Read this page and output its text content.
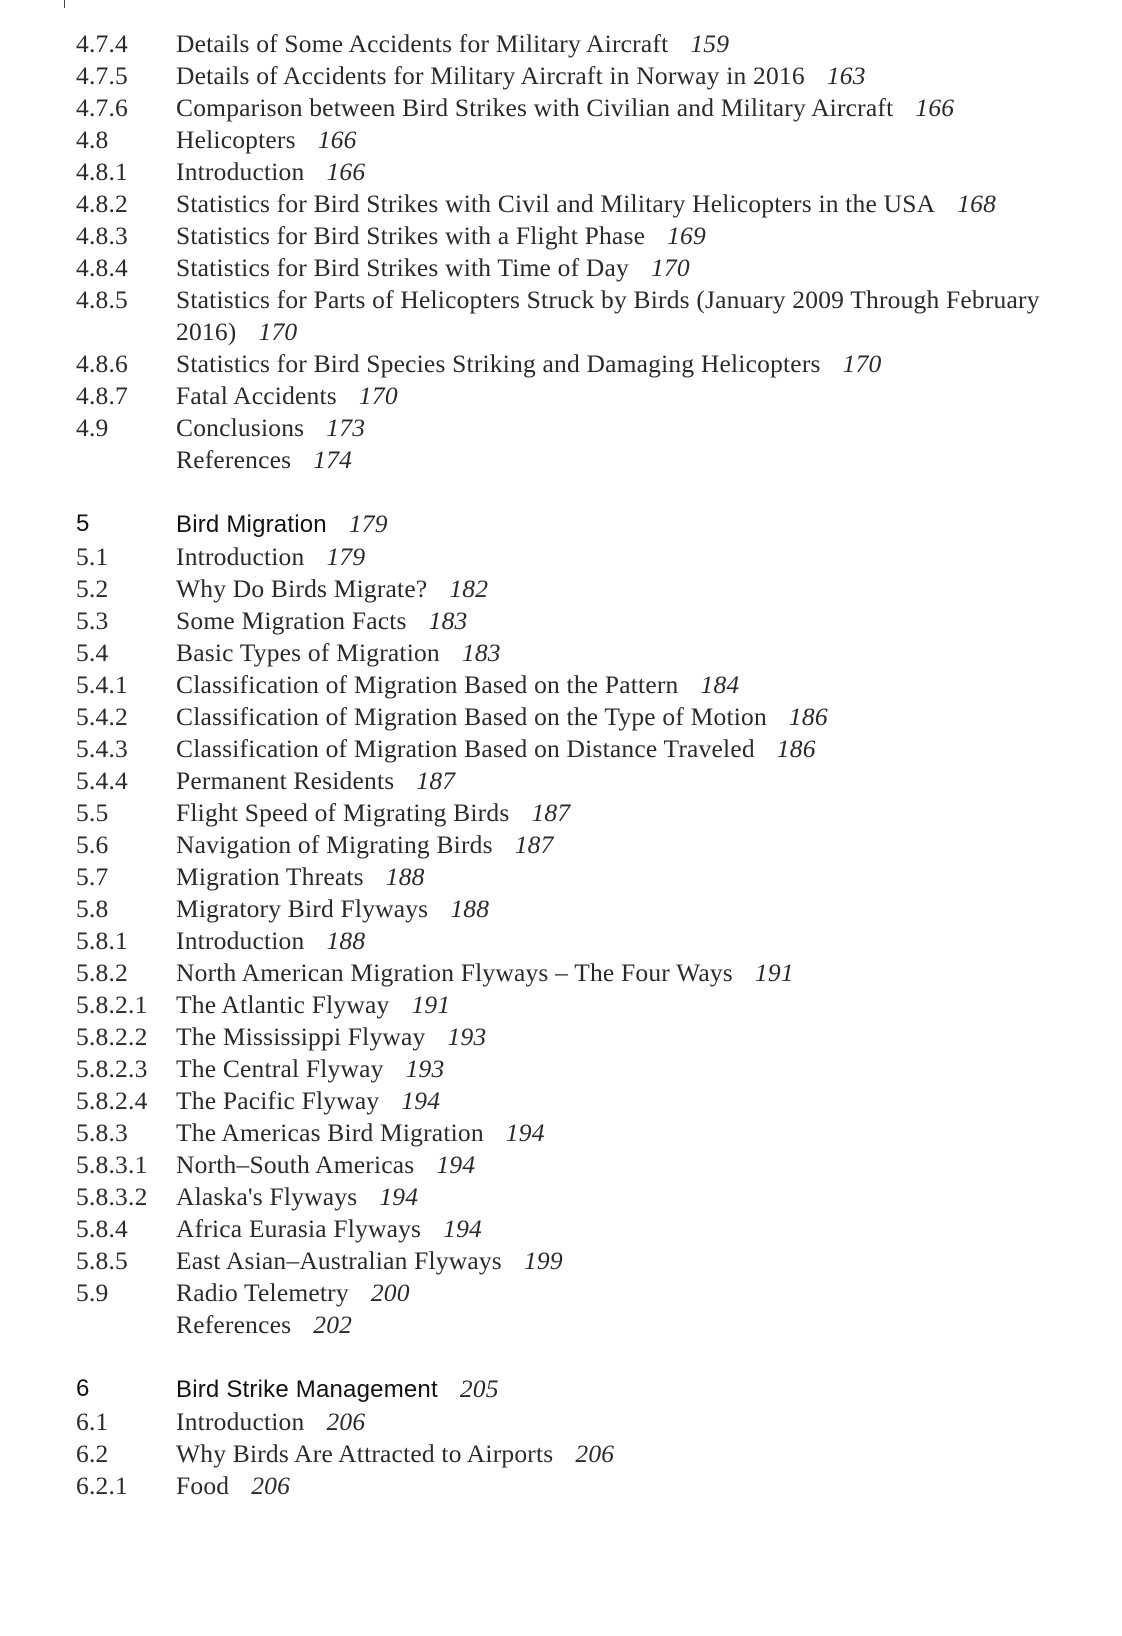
4.7.4	Details of Some Accidents for Military Aircraft 159
4.7.5	Details of Accidents for Military Aircraft in Norway in 2016 163
4.7.6	Comparison between Bird Strikes with Civilian and Military Aircraft 166
4.8	Helicopters 166
4.8.1	Introduction 166
4.8.2	Statistics for Bird Strikes with Civil and Military Helicopters in the USA 168
4.8.3	Statistics for Bird Strikes with a Flight Phase 169
4.8.4	Statistics for Bird Strikes with Time of Day 170
4.8.5	Statistics for Parts of Helicopters Struck by Birds (January 2009 Through February 2016) 170
4.8.6	Statistics for Bird Species Striking and Damaging Helicopters 170
4.8.7	Fatal Accidents 170
4.9	Conclusions 173
References 174
5	Bird Migration 179
5.1	Introduction 179
5.2	Why Do Birds Migrate? 182
5.3	Some Migration Facts 183
5.4	Basic Types of Migration 183
5.4.1	Classification of Migration Based on the Pattern 184
5.4.2	Classification of Migration Based on the Type of Motion 186
5.4.3	Classification of Migration Based on Distance Traveled 186
5.4.4	Permanent Residents 187
5.5	Flight Speed of Migrating Birds 187
5.6	Navigation of Migrating Birds 187
5.7	Migration Threats 188
5.8	Migratory Bird Flyways 188
5.8.1	Introduction 188
5.8.2	North American Migration Flyways – The Four Ways 191
5.8.2.1	The Atlantic Flyway 191
5.8.2.2	The Mississippi Flyway 193
5.8.2.3	The Central Flyway 193
5.8.2.4	The Pacific Flyway 194
5.8.3	The Americas Bird Migration 194
5.8.3.1	North–South Americas 194
5.8.3.2	Alaska's Flyways 194
5.8.4	Africa Eurasia Flyways 194
5.8.5	East Asian–Australian Flyways 199
5.9	Radio Telemetry 200
References 202
6	Bird Strike Management 205
6.1	Introduction 206
6.2	Why Birds Are Attracted to Airports 206
6.2.1	Food 206
